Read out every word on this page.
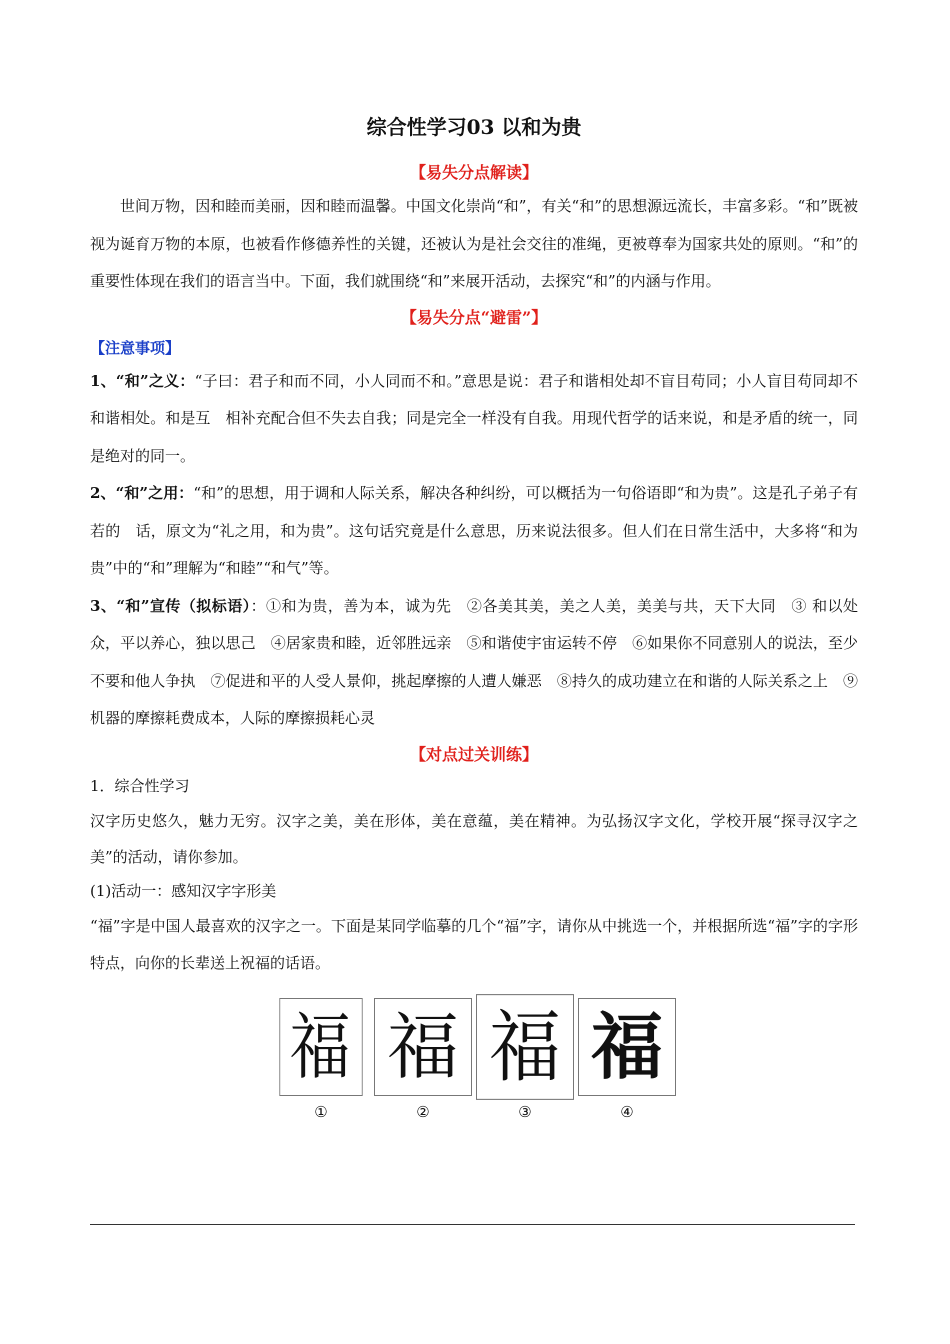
综合性学习03 以和为贵
【易失分点解读】

世间万物，因和睦而美丽，因和睦而温馨。中国文化崇尚“和”，有关“和”的思想源远流长，丰富多彩。“和”既被视为诞育万物的本原，也被看作修德养性的关键，还被认为是社会交往的准绳，更被尊奉为国家共处的原则。“和”的重要性体现在我们的语言当中。下面，我们就围绕“和”来展开活动，去探究“和”的内涵与作用。

【易失分点“避雷”】
【注意事项】

1、“和”之义：“子曰：君子和而不同，小人同而不和。”意思是说：君子和谐相处却不盲目苟同；小人盲目苟同却不和谐相处。和是互　相补充配合但不失去自我；同是完全一样没有自我。用现代哲学的话来说，和是矛盾的统一，同是绝对的同一。

2、“和”之用：“和”的思想，用于调和人际关系，解决各种纠纷，可以概括为一句俗语即“和为贵”。这是孔子弟子有若的　话，原文为“礼之用，和为贵”。这句话究竟是什么意思，历来说法很多。但人们在日常生活中，大多将“和为贵”中的“和”理解为“和睦”“和气”等。

3、“和”宣传（拟标语）：①和为贵，善为本，诚为先　②各美其美，美之人美，美美与共，天下大同　③ 和以处众，平以养心，独以思己　④居家贵和睦，近邻胜远亲　⑤和谐使宇宙运转不停　⑥如果你不同意别人的说法，至少不要和他人争执　⑦促进和平的人受人景仰，挑起摩擦的人遭人嫌恶　⑧持久的成功建立在和谐的人际关系之上　⑨机器的摩擦耗费成本，人际的摩擦损耗心灵

【对点过关训练】

1．综合性学习

汉字历史悠久，魅力无穷。汉字之美，美在形体，美在意蕴，美在精神。为弘扬汉字文化，学校开展“探寻汉字之美”的活动，请你参加。

(1)活动一：感知汉字字形美

“福”字是中国人最喜欢的汉字之一。下面是某同学临摹的几个“福”字，请你从中挑选一个，并根据所选“福”字的字形特点，向你的长辈送上祝福的话语。

福
①
福
②
福
③
福
④
